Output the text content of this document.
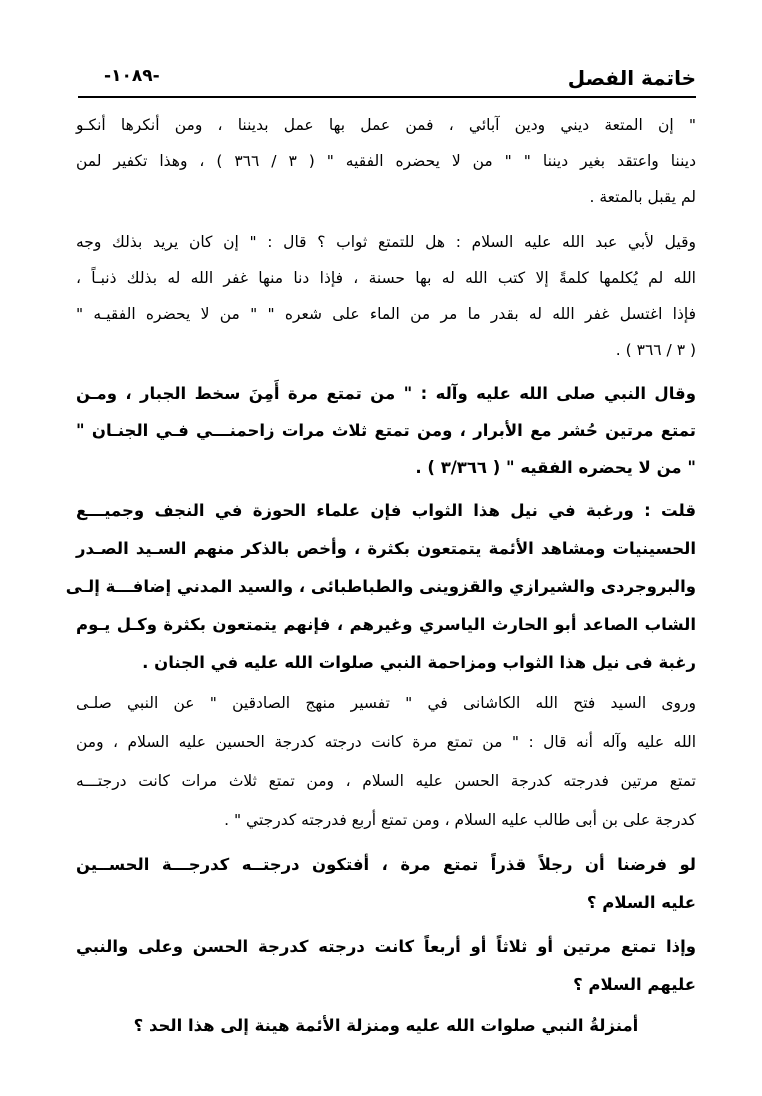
خاتمة الفصل
-١٠٨٩-
" إن المتعة ديني ودين آبائي ، فمن عمل بها عمل بديننا ، ومن أنكرها أنكـو
ديننا واعتقد بغير ديننا " " من لا يحضره الفقيه " ( ٣ / ٣٦٦ ) ، وهذا تكفير لمن
لم يقبل بالمتعة .
وقيل لأبي عبد الله عليه السلام : هل للتمتع ثواب ؟ قال : " إن كان يريد بذلك وجه
الله لم يُكلمها كلمةً إلا كتب الله له بها حسنة ، فإذا دنا منها غفر الله له بذلك ذنبـاً ،
فإذا اغتسل غفر الله له بقدر ما مر من الماء على شعره " " من لا يحضره الفقيـه "
( ٣ / ٣٦٦ ) .
وقال النبي صلى الله عليه وآله : " من تمتع مرة أَمِنَ سخط الجبار ، ومـن
تمتع مرتين حُشر مع الأبرار ، ومن تمتع ثلاث مرات زاحمنـــي فـي الجنـان "
" من لا يحضره الفقيه " ( ٣/٣٦٦ ) .
قلت : ورغبة في نيل هذا الثواب فإن علماء الحوزة في النجف وجميـــع
الحسينيات ومشاهد الأئمة يتمتعون بكثرة ، وأخص بالذكر منهم السـيد الصـدر
والبروجردى والشيرازي والقزوينى والطباطبائى ، والسيد المدني إضافـــة إلـى
الشاب الصاعد أبو الحارث الياسري وغيرهم ، فإنهم يتمتعون بكثرة وكـل يـوم
رغبة فى نيل هذا الثواب ومزاحمة النبي صلوات الله عليه في الجنان .
وروى السيد فتح الله الكاشانى في " تفسير منهج الصادقين " عن النبي صلـى
الله عليه وآله أنه قال : " من تمتع مرة كانت درجته كدرجة الحسين عليه السلام ، ومن
تمتع مرتين فدرجته كدرجة الحسن عليه السلام ، ومن تمتع ثلاث مرات كانت درجتـــه
كدرجة على بن أبى طالب عليه السلام ، ومن تمتع أربع فدرجته كدرجتي " .
لو فرضنا أن رجلاً قذراً تمتع مرة ، أفتكون درجتــه كدرجـــة الحســين
عليه السلام ؟
وإذا تمتع مرتين أو ثلاثاً أو أربعاً كانت درجته كدرجة الحسن وعلى والنبي
عليهم السلام ؟
أمنزلةُ النبي صلوات الله عليه ومنزلة الأئمة هينة إلى هذا الحد ؟
